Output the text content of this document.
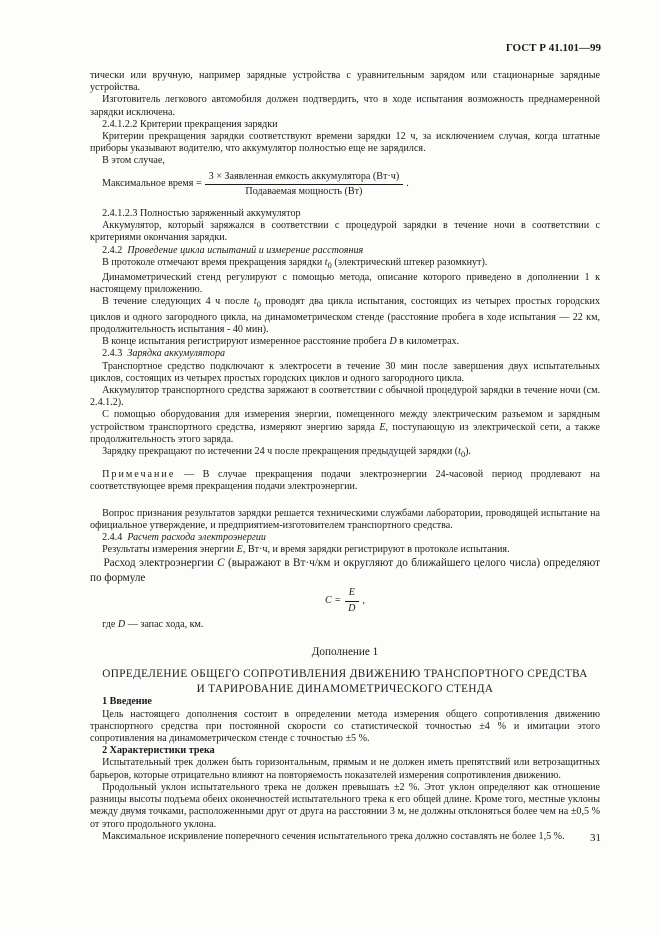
ГОСТ Р 41.101—99

тически или вручную, например зарядные устройства с уравнительным зарядом или стационарные зарядные устройства.

Изготовитель легкового автомобиля должен подтвердить, что в ходе испытания возможность преднамеренной зарядки исключена.

2.4.1.2.2 Критерии прекращения зарядки

Критерии прекращения зарядки соответствуют времени зарядки 12 ч, за исключением случая, когда штатные приборы указывают водителю, что аккумулятор полностью еще не зарядился.

В этом случае,

Максимальное время = $\frac{\text{3 × Заявленная емкость аккумулятора (Вт·ч)}}{\text{Подаваемая мощность (Вт)}}$ .

2.4.1.2.3 Полностью заряженный аккумулятор

Аккумулятор, который заряжался в соответствии с процедурой зарядки в течение ночи в соответствии с критериями окончания зарядки.

2.4.2 Проведение цикла испытаний и измерение расстояния

В протоколе отмечают время прекращения зарядки $t_0$ (электрический штекер разомкнут).

Динамометрический стенд регулируют с помощью метода, описание которого приведено в дополнении 1 к настоящему приложению.

В течение следующих 4 ч после $t_0$ проводят два цикла испытания, состоящих из четырех простых городских циклов и одного загородного цикла, на динамометрическом стенде (расстояние пробега в ходе испытания — 22 км, продолжительность испытания - 40 мин).

В конце испытания регистрируют измеренное расстояние пробега D в километрах.

2.4.3 Зарядка аккумулятора

Транспортное средство подключают к электросети в течение 30 мин после завершения двух испытательных циклов, состоящих из четырех простых городских циклов и одного загородного цикла.

Аккумулятор транспортного средства заряжают в соответствии с обычной процедурой зарядки в течение ночи (см. 2.4.1.2).

С помощью оборудования для измерения энергии, помещенного между электрическим разъемом и зарядным устройством транспортного средства, измеряют энергию заряда E, поступающую из электрической сети, а также продолжительность этого заряда.

Зарядку прекращают по истечении 24 ч после прекращения предыдущей зарядки $(t_0)$.

Примечание — В случае прекращения подачи электроэнергии 24-часовой период продлевают на соответствующее время прекращения подачи электроэнергии.

Вопрос признания результатов зарядки решается техническими службами лаборатории, проводящей испытание на официальное утверждение, и предприятием-изготовителем транспортного средства.

2.4.4 Расчет расхода электроэнергии

Результаты измерения энергии E, Вт·ч, и время зарядки регистрируют в протоколе испытания.

Расход электроэнергии C (выражают в Вт·ч/км и округляют до ближайшего целого числа) определяют по формуле

$C = \frac{E}{D}$ ,

где D — запас хода, км.

Дополнение 1

ОПРЕДЕЛЕНИЕ ОБЩЕГО СОПРОТИВЛЕНИЯ ДВИЖЕНИЮ ТРАНСПОРТНОГО СРЕДСТВА
И ТАРИРОВАНИЕ ДИНАМОМЕТРИЧЕСКОГО СТЕНДА

1 Введение

Цель настоящего дополнения состоит в определении метода измерения общего сопротивления движению транспортного средства при постоянной скорости со статистической точностью ±4 % и имитации этого сопротивления на динамометрическом стенде с точностью ±5 %.

2 Характеристики трека

Испытательный трек должен быть горизонтальным, прямым и не должен иметь препятствий или ветрозащитных барьеров, которые отрицательно влияют на повторяемость показателей измерения сопротивления движению.

Продольный уклон испытательного трека не должен превышать ±2 %. Этот уклон определяют как отношение разницы высоты подъема обеих оконечностей испытательного трека к его общей длине. Кроме того, местные уклоны между двумя точками, расположенными друг от друга на расстоянии 3 м, не должны отклоняться более чем на ±0,5 % от этого продольного уклона.

Максимальное искривление поперечного сечения испытательного трека должно составлять не более 1,5 %.	31
